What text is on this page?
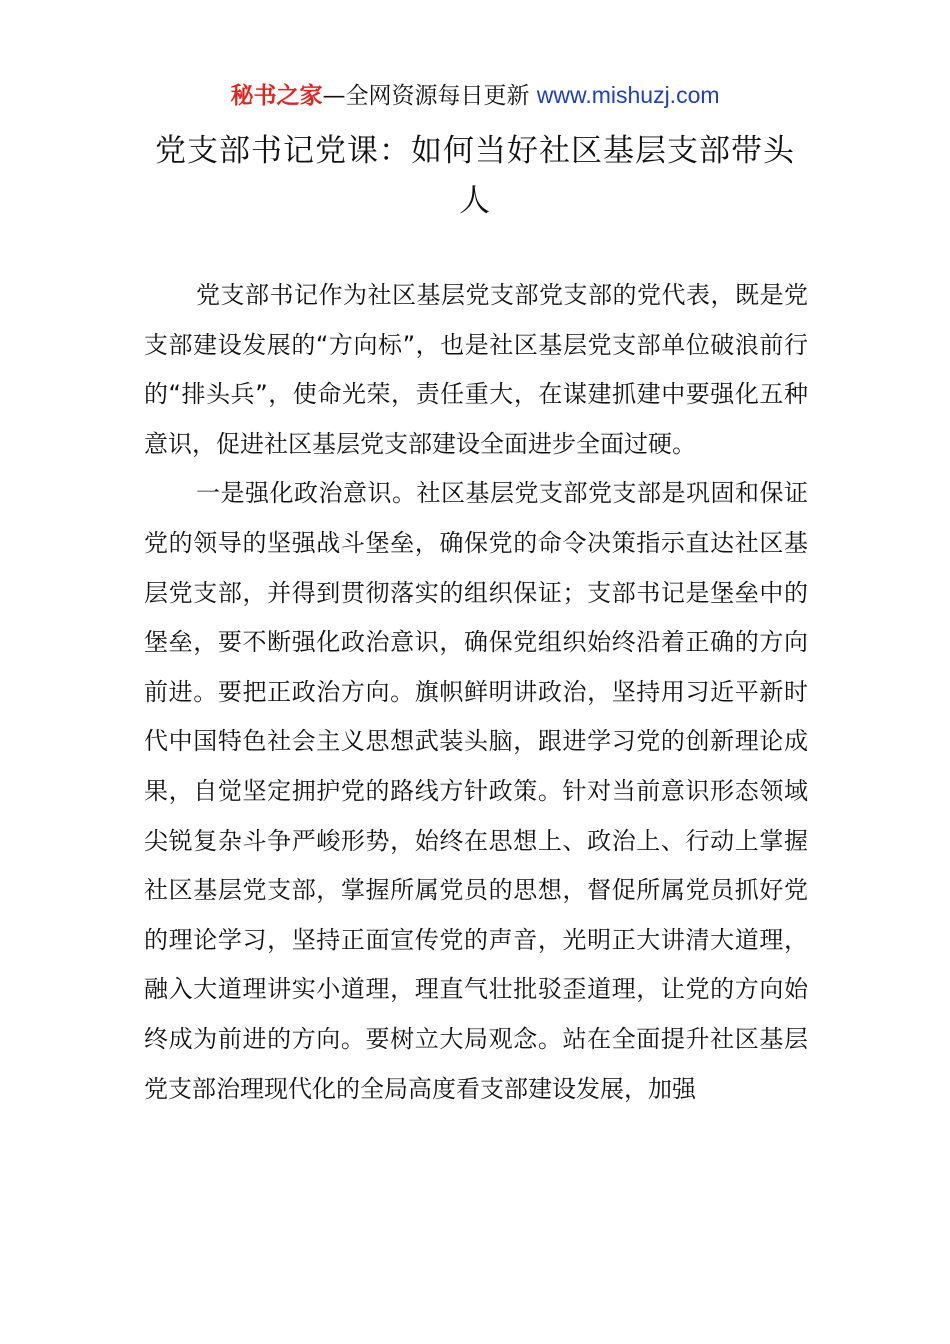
秘书之家—全网资源每日更新 www.mishuzj.com
党支部书记党课：如何当好社区基层支部带头人

党支部书记作为社区基层党支部党支部的党代表，既是党支部建设发展的“方向标”，也是社区基层党支部单位破浪前行的“排头兵”，使命光荣，责任重大，在谋建抓建中要强化五种意识，促进社区基层党支部建设全面进步全面过硬。

一是强化政治意识。社区基层党支部党支部是巩固和保证党的领导的坚强战斗堡垒，确保党的命令决策指示直达社区基层党支部，并得到贯彻落实的组织保证；支部书记是堡垒中的堡垒，要不断强化政治意识，确保党组织始终沿着正确的方向前进。要把正政治方向。旗帜鲜明讲政治，坚持用习近平新时代中国特色社会主义思想武装头脑，跟进学习党的创新理论成果，自觉坚定拥护党的路线方针政策。针对当前意识形态领域尖锐复杂斗争严峻形势，始终在思想上、政治上、行动上掌握社区基层党支部，掌握所属党员的思想，督促所属党员抓好党的理论学习，坚持正面宣传党的声音，光明正大讲清大道理，融入大道理讲实小道理，理直气壮批驳歪道理，让党的方向始终成为前进的方向。要树立大局观念。站在全面提升社区基层党支部治理现代化的全局高度看支部建设发展，加强
